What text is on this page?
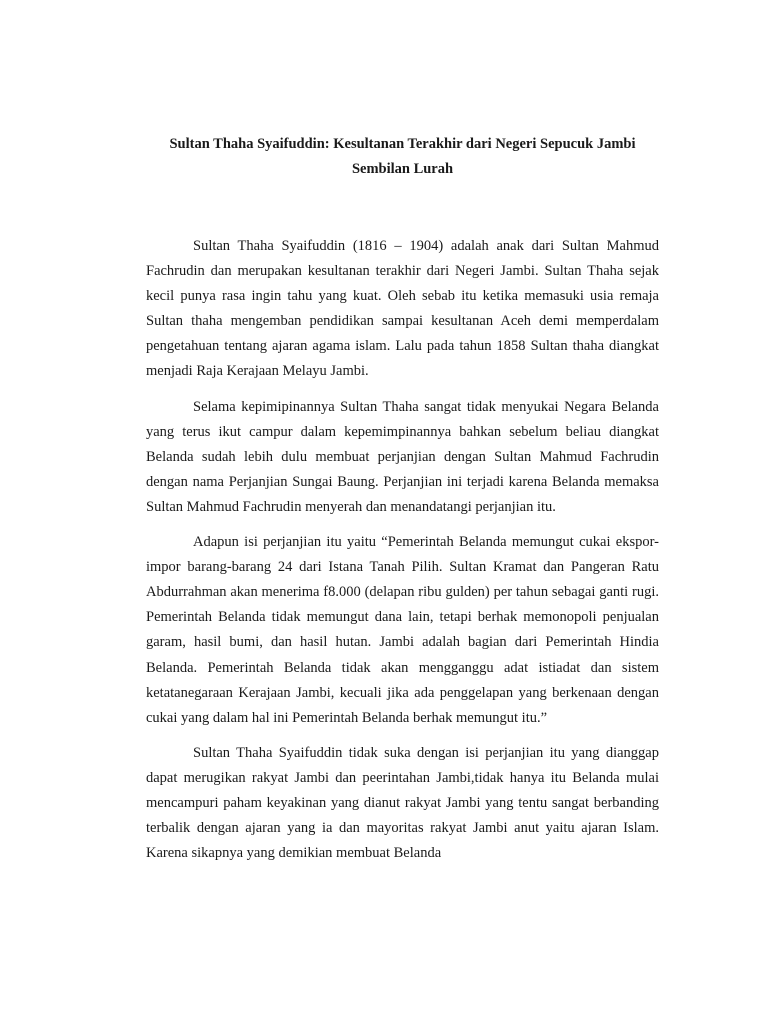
Sultan Thaha Syaifuddin: Kesultanan Terakhir dari Negeri Sepucuk Jambi
Sembilan Lurah

Sultan Thaha Syaifuddin (1816 – 1904) adalah anak dari Sultan Mahmud Fachrudin dan merupakan kesultanan terakhir dari Negeri Jambi. Sultan Thaha sejak kecil punya rasa ingin tahu yang kuat. Oleh sebab itu ketika memasuki usia remaja Sultan thaha mengemban pendidikan sampai kesultanan Aceh demi memperdalam pengetahuan tentang ajaran agama islam. Lalu pada tahun 1858 Sultan thaha diangkat menjadi Raja Kerajaan Melayu Jambi.

Selama kepimipinannya Sultan Thaha sangat tidak menyukai Negara Belanda yang terus ikut campur dalam kepemimpinannya bahkan sebelum beliau diangkat Belanda sudah lebih dulu membuat perjanjian dengan Sultan Mahmud Fachrudin dengan nama Perjanjian Sungai Baung. Perjanjian ini terjadi karena Belanda memaksa Sultan Mahmud Fachrudin menyerah dan menandatangi perjanjian itu.

Adapun isi perjanjian itu yaitu “Pemerintah Belanda memungut cukai ekspor-impor barang-barang 24 dari Istana Tanah Pilih. Sultan Kramat dan Pangeran Ratu Abdurrahman akan menerima f8.000 (delapan ribu gulden) per tahun sebagai ganti rugi. Pemerintah Belanda tidak memungut dana lain, tetapi berhak memonopoli penjualan garam, hasil bumi, dan hasil hutan. Jambi adalah bagian dari Pemerintah Hindia Belanda. Pemerintah Belanda tidak akan mengganggu adat istiadat dan sistem ketatanegaraan Kerajaan Jambi, kecuali jika ada penggelapan yang berkenaan dengan cukai yang dalam hal ini Pemerintah Belanda berhak memungut itu.”

Sultan Thaha Syaifuddin tidak suka dengan isi perjanjian itu yang dianggap dapat merugikan rakyat Jambi dan peerintahan Jambi,tidak hanya itu Belanda mulai mencampuri paham keyakinan yang dianut rakyat Jambi yang tentu sangat berbanding terbalik dengan ajaran yang ia dan mayoritas rakyat Jambi anut yaitu ajaran Islam. Karena sikapnya yang demikian membuat Belanda
